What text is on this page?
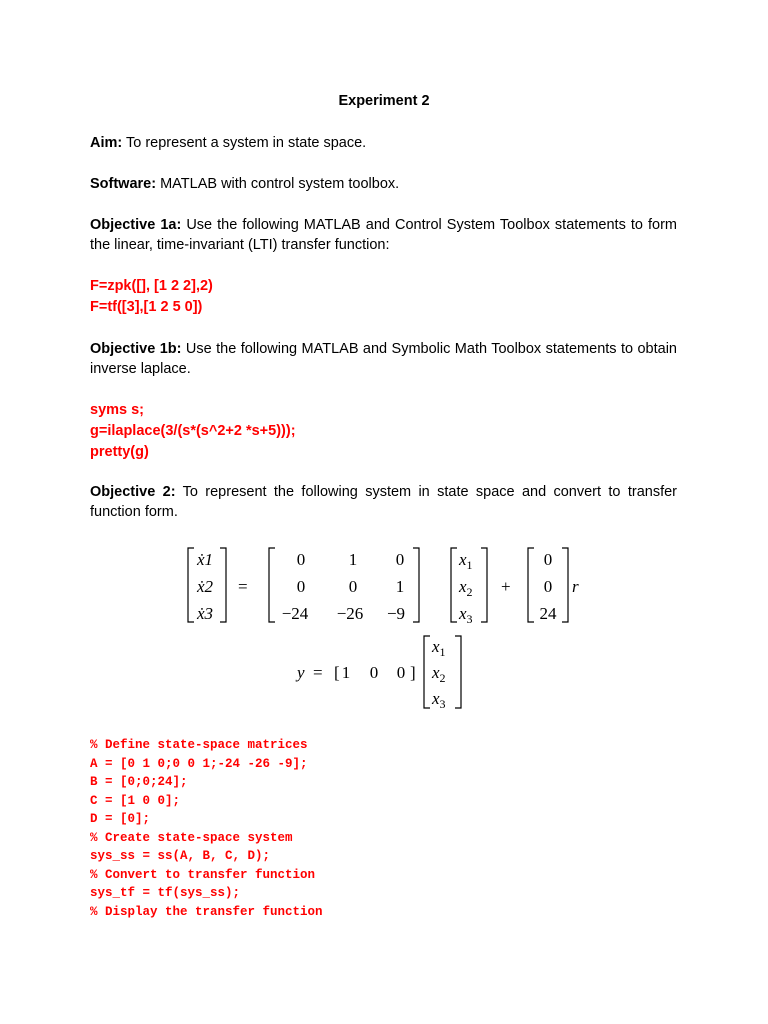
Experiment 2
Aim: To represent a system in state space.
Software: MATLAB with control system toolbox.
Objective 1a: Use the following MATLAB and Control System Toolbox statements to form the linear, time-invariant (LTI) transfer function:
F=zpk([], [1 2 2],2)
F=tf([3],[1 2 5 0])
Objective 1b: Use the following MATLAB and Symbolic Math Toolbox statements to obtain inverse laplace.
syms s;
g=ilaplace(3/(s*(s^2+2 *s+5)));
pretty(g)
Objective 2: To represent the following system in state space and convert to transfer function form.
ẋ1
ẋ2
ẋ3
=
0	1 0
0	0 1
−24 −26 −9
$x_1$
$x_2$
$x_3$
+
0
0
24
r
y = [ 1 0 0 ]
$x_1$
$x_2$
$x_3$
% Define state-space matrices
A = [0 1 0;0 0 1;-24 -26 -9];
B = [0;0;24];
C = [1 0 0];
D = [0];
% Create state-space system
sys_ss = ss(A, B, C, D);
% Convert to transfer function
sys_tf = tf(sys_ss);
% Display the transfer function
